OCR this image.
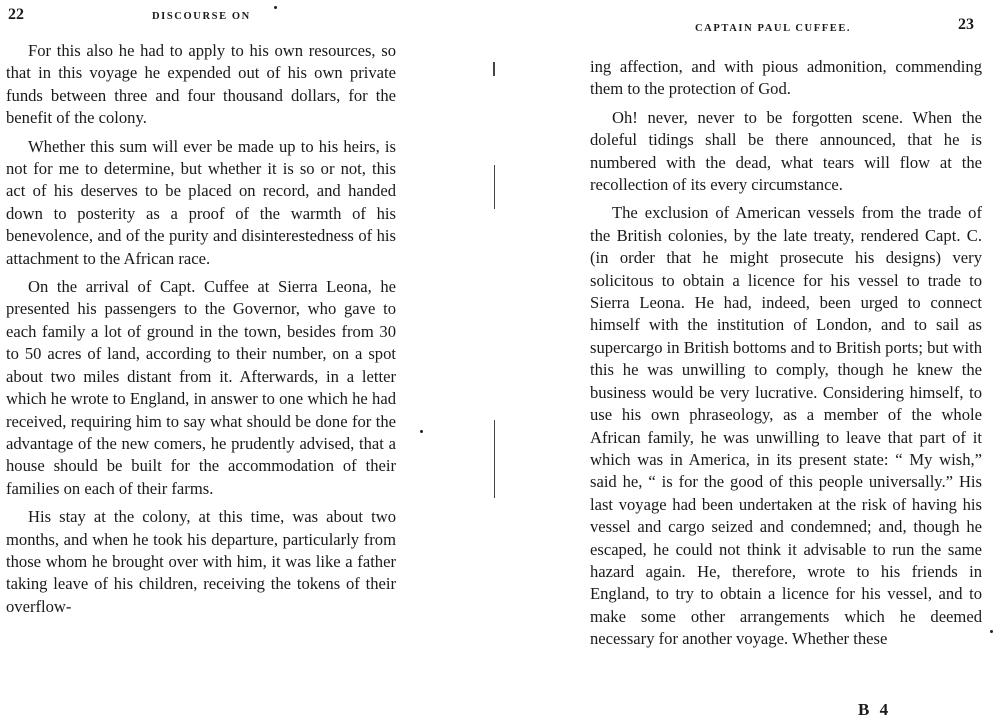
22	DISCOURSE ON

For this also he had to apply to his own resources, so that in this voyage he expended out of his own private funds between three and four thousand dollars, for the benefit of the colony.

Whether this sum will ever be made up to his heirs, is not for me to determine, but whether it is so or not, this act of his deserves to be placed on record, and handed down to posterity as a proof of the warmth of his benevolence, and of the purity and disinterestedness of his attachment to the African race.

On the arrival of Capt. Cuffee at Sierra Leona, he presented his passengers to the Governor, who gave to each family a lot of ground in the town, besides from 30 to 50 acres of land, according to their number, on a spot about two miles distant from it. Afterwards, in a letter which he wrote to England, in answer to one which he had received, requiring him to say what should be done for the advantage of the new comers, he prudently advised, that a house should be built for the accommodation of their families on each of their farms.

His stay at the colony, at this time, was about two months, and when he took his departure, particularly from those whom he brought over with him, it was like a father taking leave of his children, receiving the tokens of their overflow-

CAPTAIN PAUL CUFFEE.	23

ing affection, and with pious admonition, commending them to the protection of God.

Oh! never, never to be forgotten scene. When the doleful tidings shall be there announced, that he is numbered with the dead, what tears will flow at the recollection of its every circumstance.

The exclusion of American vessels from the trade of the British colonies, by the late treaty, rendered Capt. C. (in order that he might prosecute his designs) very solicitous to obtain a licence for his vessel to trade to Sierra Leona. He had, indeed, been urged to connect himself with the institution of London, and to sail as supercargo in British bottoms and to British ports; but with this he was unwilling to comply, though he knew the business would be very lucrative. Considering himself, to use his own phraseology, as a member of the whole African family, he was unwilling to leave that part of it which was in America, in its present state: “ My wish,” said he, “ is for the good of this people universally.” His last voyage had been undertaken at the risk of having his vessel and cargo seized and condemned; and, though he escaped, he could not think it advisable to run the same hazard again. He, therefore, wrote to his friends in England, to try to obtain a licence for his vessel, and to make some other arrangements which he deemed necessary for another voyage. Whether these

B 4
